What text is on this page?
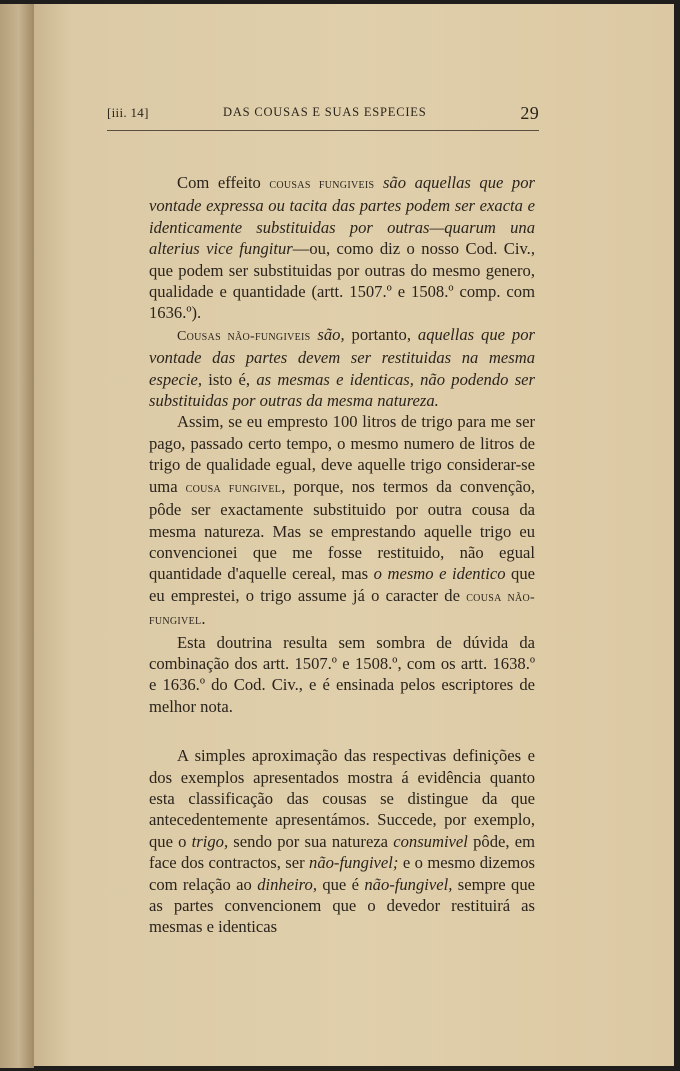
[iii. 14]	DAS COUSAS E SUAS ESPECIES	29

Com effeito cousas fungiveis são aquellas que por vontade expressa ou tacita das partes podem ser exacta e identicamente substituidas por outras—quarum una alterius vice fungitur—ou, como diz o nosso Cod. Civ., que podem ser substituidas por outras do mesmo genero, qualidade e quantidade (artt. 1507.º e 1508.º comp. com 1636.º).

Cousas não-fungiveis são, portanto, aquellas que por vontade das partes devem ser restituidas na mesma especie, isto é, as mesmas e identicas, não podendo ser substituidas por outras da mesma natureza.

Assim, se eu empresto 100 litros de trigo para me ser pago, passado certo tempo, o mesmo numero de litros de trigo de qualidade egual, deve aquelle trigo considerar-se uma cousa fungivel, porque, nos termos da convenção, pôde ser exactamente substituido por outra cousa da mesma natureza. Mas se emprestando aquelle trigo eu convencionei que me fosse restituido, não egual quantidade d'aquelle cereal, mas o mesmo e identico que eu emprestei, o trigo assume já o caracter de cousa não-fungivel.

Esta doutrina resulta sem sombra de dúvida da combinação dos artt. 1507.º e 1508.º, com os artt. 1638.º e 1636.º do Cod. Civ., e é ensinada pelos escriptores de melhor nota.

A simples aproximação das respectivas definições e dos exemplos apresentados mostra á evidência quanto esta classificação das cousas se distingue da que antecedentemente apresentámos. Succede, por exemplo, que o trigo, sendo por sua natureza consumivel pôde, em face dos contractos, ser não-fungivel; e o mesmo dizemos com relação ao dinheiro, que é não-fungivel, sempre que as partes convencionem que o devedor restituirá as mesmas e identicas
